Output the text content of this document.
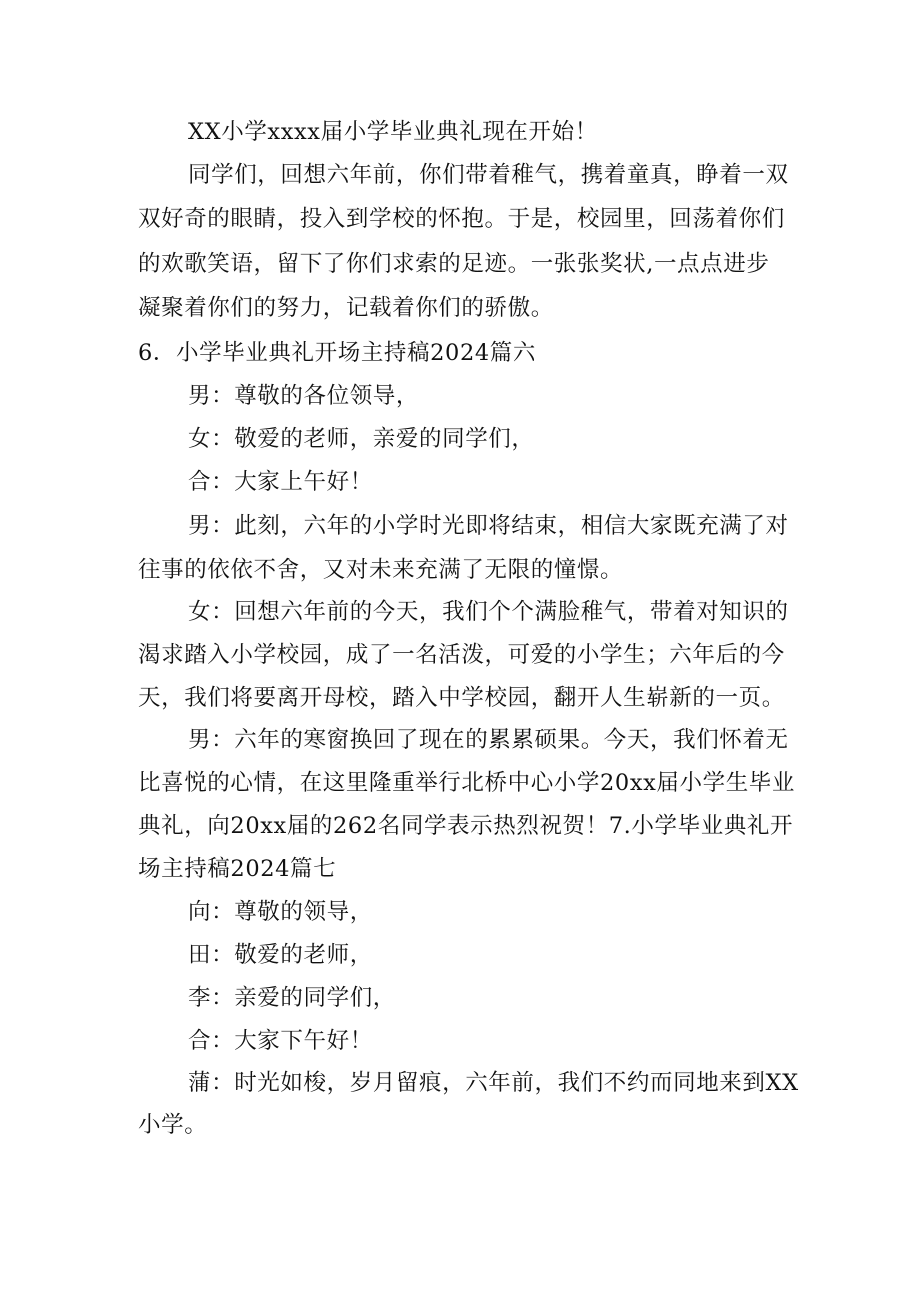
XX小学xxxx届小学毕业典礼现在开始！
同学们，回想六年前，你们带着稚气，携着童真，睁着一双
双好奇的眼睛，投入到学校的怀抱。于是，校园里，回荡着你们
的欢歌笑语，留下了你们求索的足迹。一张张奖状,一点点进步
凝聚着你们的努力，记载着你们的骄傲。
6．小学毕业典礼开场主持稿2024篇六
男：尊敬的各位领导，
女：敬爱的老师，亲爱的同学们，
合：大家上午好！
男：此刻，六年的小学时光即将结束，相信大家既充满了对
往事的依依不舍，又对未来充满了无限的憧憬。
女：回想六年前的今天，我们个个满脸稚气，带着对知识的
渴求踏入小学校园，成了一名活泼，可爱的小学生；六年后的今
天，我们将要离开母校，踏入中学校园，翻开人生崭新的一页。
男：六年的寒窗换回了现在的累累硕果。今天，我们怀着无
比喜悦的心情，在这里隆重举行北桥中心小学20xx届小学生毕业
典礼，向20xx届的262名同学表示热烈祝贺！7.小学毕业典礼开
场主持稿2024篇七
向：尊敬的领导，
田：敬爱的老师，
李：亲爱的同学们，
合：大家下午好！
蒲：时光如梭，岁月留痕，六年前，我们不约而同地来到XX
小学。
